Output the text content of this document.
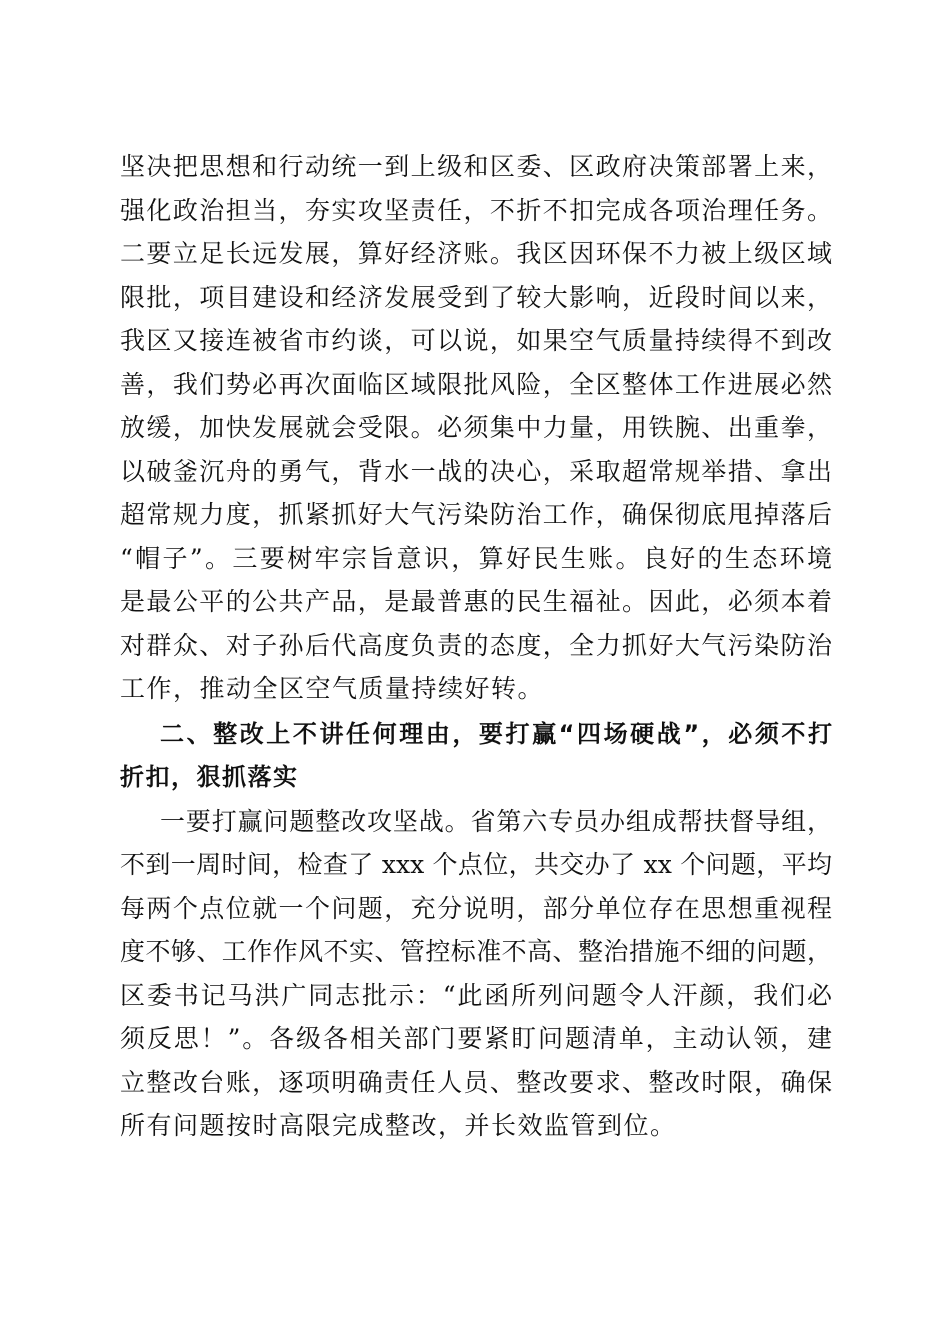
坚决把思想和行动统一到上级和区委、区政府决策部署上来，
强化政治担当，夯实攻坚责任，不折不扣完成各项治理任务。
二要立足长远发展，算好经济账。我区因环保不力被上级区域
限批，项目建设和经济发展受到了较大影响，近段时间以来，
我区又接连被省市约谈，可以说，如果空气质量持续得不到改
善，我们势必再次面临区域限批风险，全区整体工作进展必然
放缓，加快发展就会受限。必须集中力量，用铁腕、出重拳，
以破釜沉舟的勇气，背水一战的决心，采取超常规举措、拿出
超常规力度，抓紧抓好大气污染防治工作，确保彻底甩掉落后
“帽子”。三要树牢宗旨意识，算好民生账。良好的生态环境
是最公平的公共产品，是最普惠的民生福祉。因此，必须本着
对群众、对子孙后代高度负责的态度，全力抓好大气污染防治
工作，推动全区空气质量持续好转。
二、整改上不讲任何理由，要打赢“四场硬战”，必须不打
折扣，狠抓落实
一要打赢问题整改攻坚战。省第六专员办组成帮扶督导组，
不到一周时间，检查了 xxx 个点位，共交办了 xx 个问题，平均
每两个点位就一个问题，充分说明，部分单位存在思想重视程
度不够、工作作风不实、管控标准不高、整治措施不细的问题，
区委书记马洪广同志批示：“此函所列问题令人汗颜，我们必
须反思！”。各级各相关部门要紧盯问题清单，主动认领，建
立整改台账，逐项明确责任人员、整改要求、整改时限，确保
所有问题按时高限完成整改，并长效监管到位。
